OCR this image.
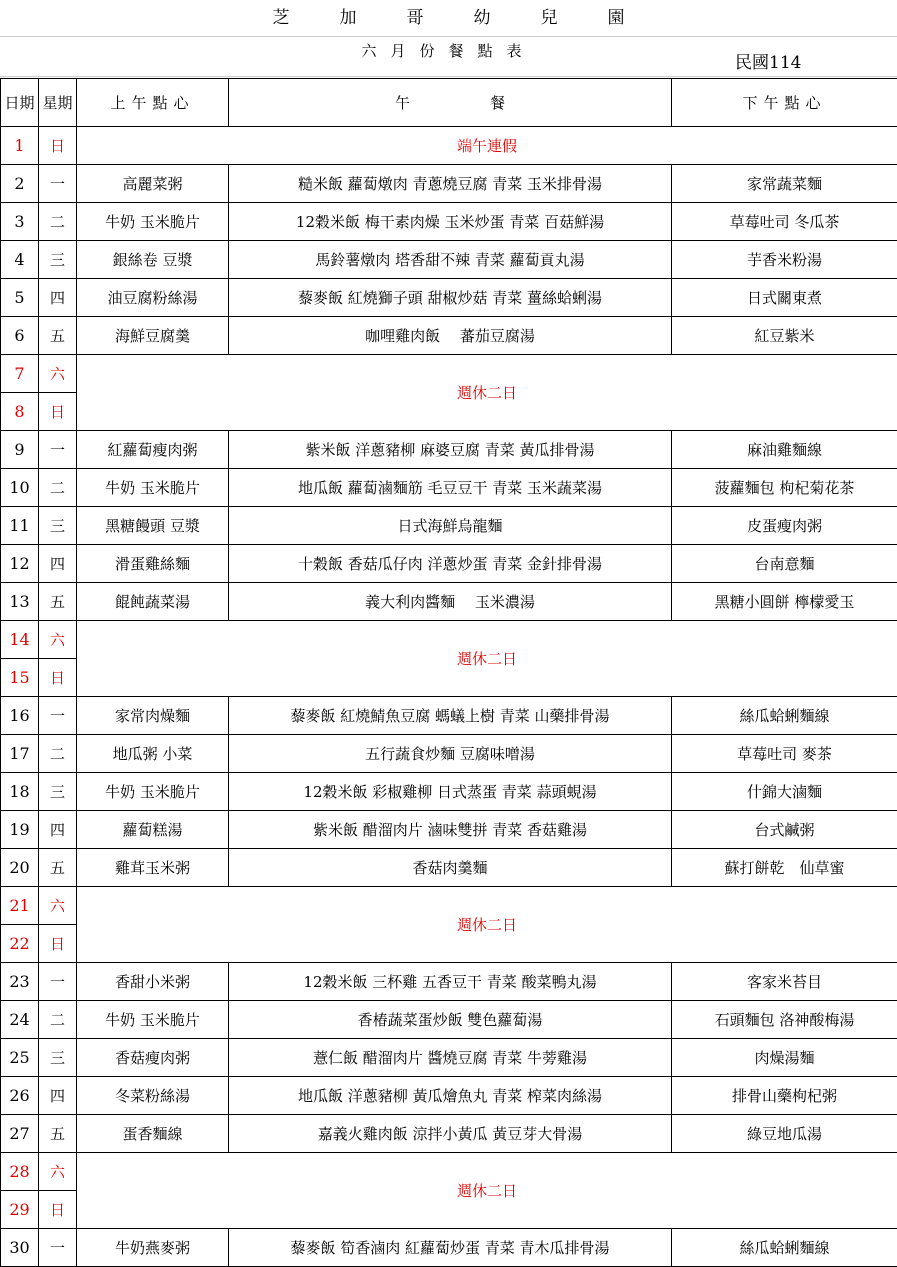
芝加哥幼兒園
六月份餐點表
民國114
日期	星期	上午點心	午餐	下午點心
1	日	端午連假		
2	一	高麗菜粥	糙米飯 蘿蔔燉肉 青蔥燒豆腐 青菜 玉米排骨湯	家常蔬菜麵
3	二	牛奶 玉米脆片	12穀米飯 梅干素肉燥 玉米炒蛋 青菜 百菇鮮湯	草莓吐司 冬瓜茶
4	三	銀絲卷 豆漿	馬鈴薯燉肉 塔香甜不辣 青菜 蘿蔔貢丸湯	芋香米粉湯
5	四	油豆腐粉絲湯	藜麥飯 紅燒獅子頭 甜椒炒菇 青菜 薑絲蛤蜊湯	日式關東煮
6	五	海鮮豆腐羹	咖哩雞肉飯　 蕃茄豆腐湯	紅豆紫米
7	六	週休二日		
8	日			
9	一	紅蘿蔔瘦肉粥	紫米飯 洋蔥豬柳 麻婆豆腐 青菜 黃瓜排骨湯	麻油雞麵線
10	二	牛奶 玉米脆片	地瓜飯 蘿蔔滷麵筋 毛豆豆干 青菜 玉米蔬菜湯	菠蘿麵包 枸杞菊花茶
11	三	黑糖饅頭 豆漿	日式海鮮烏龍麵	皮蛋瘦肉粥
12	四	滑蛋雞絲麵	十穀飯 香菇瓜仔肉 洋蔥炒蛋 青菜 金針排骨湯	台南意麵
13	五	餛飩蔬菜湯	義大利肉醬麵　 玉米濃湯	黑糖小圓餅 檸檬愛玉
14	六	週休二日		
15	日			
16	一	家常肉燥麵	藜麥飯 紅燒鯖魚豆腐 螞蟻上樹 青菜 山藥排骨湯	絲瓜蛤蜊麵線
17	二	地瓜粥 小菜	五行蔬食炒麵 豆腐味噌湯	草莓吐司 麥茶
18	三	牛奶 玉米脆片	12穀米飯 彩椒雞柳 日式蒸蛋 青菜 蒜頭蜆湯	什錦大滷麵
19	四	蘿蔔糕湯	紫米飯 醋溜肉片 滷味雙拼 青菜 香菇雞湯	台式鹹粥
20	五	雞茸玉米粥	香菇肉羹麵	蘇打餅乾　仙草蜜
21	六	週休二日		
22	日			
23	一	香甜小米粥	12穀米飯 三杯雞 五香豆干 青菜 酸菜鴨丸湯	客家米苔目
24	二	牛奶 玉米脆片	香椿蔬菜蛋炒飯 雙色蘿蔔湯	石頭麵包 洛神酸梅湯
25	三	香菇瘦肉粥	薏仁飯 醋溜肉片 醬燒豆腐 青菜 牛蒡雞湯	肉燥湯麵
26	四	冬菜粉絲湯	地瓜飯 洋蔥豬柳 黃瓜燴魚丸 青菜 榨菜肉絲湯	排骨山藥枸杞粥
27	五	蛋香麵線	嘉義火雞肉飯 涼拌小黃瓜 黃豆芽大骨湯	綠豆地瓜湯
28	六	週休二日		
29	日			
30	一	牛奶燕麥粥	藜麥飯 筍香滷肉 紅蘿蔔炒蛋 青菜 青木瓜排骨湯	絲瓜蛤蜊麵線
